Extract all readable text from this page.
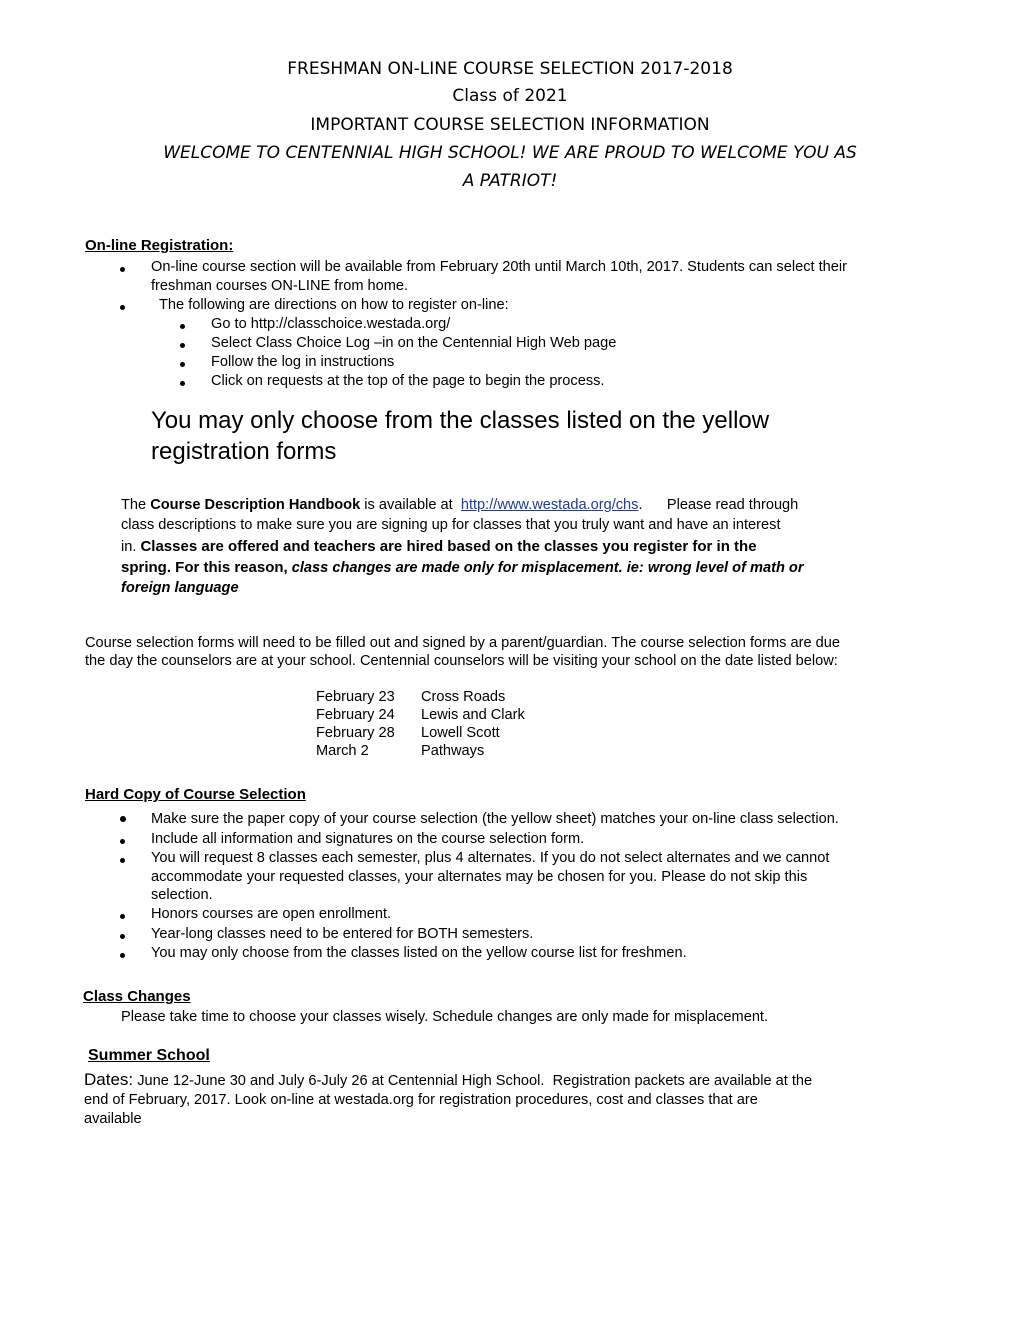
FRESHMAN ON-LINE COURSE SELECTION 2017-2018
Class of 2021
IMPORTANT COURSE SELECTION INFORMATION
WELCOME TO CENTENNIAL HIGH SCHOOL! WE ARE PROUD TO WELCOME YOU AS
A PATRIOT!
On-line Registration:
On-line course section will be available from February 20th until March 10th, 2017. Students can select their
freshman courses ON-LINE from home.
The following are directions on how to register on-line:
Go to http://classchoice.westada.org/
Select Class Choice Log –in on the Centennial High Web page
Follow the log in instructions
Click on requests at the top of the page to begin the process.
You may only choose from the classes listed on the yellow
registration forms
The Course Description Handbook is available at  http://www.westada.org/chs.      Please read through
class descriptions to make sure you are signing up for classes that you truly want and have an interest
in. Classes are offered and teachers are hired based on the classes you register for in the
spring. For this reason, class changes are made only for misplacement. ie: wrong level of math or
foreign language
Course selection forms will need to be filled out and signed by a parent/guardian. The course selection forms are due
the day the counselors are at your school. Centennial counselors will be visiting your school on the date listed below:
February 23 Cross Roads
February 24 Lewis and Clark
February 28 Lowell Scott
March 2	Pathways
Hard Copy of Course Selection
Make sure the paper copy of your course selection (the yellow sheet) matches your on-line class selection.
Include all information and signatures on the course selection form.
You will request 8 classes each semester, plus 4 alternates. If you do not select alternates and we cannot
accommodate your requested classes, your alternates may be chosen for you. Please do not skip this
selection.
Honors courses are open enrollment.
Year-long classes need to be entered for BOTH semesters.
You may only choose from the classes listed on the yellow course list for freshmen.
Class Changes
Please take time to choose your classes wisely. Schedule changes are only made for misplacement.
Summer School
Dates: June 12-June 30 and July 6-July 26 at Centennial High School.  Registration packets are available at the
end of February, 2017. Look on-line at westada.org for registration procedures, cost and classes that are
available
